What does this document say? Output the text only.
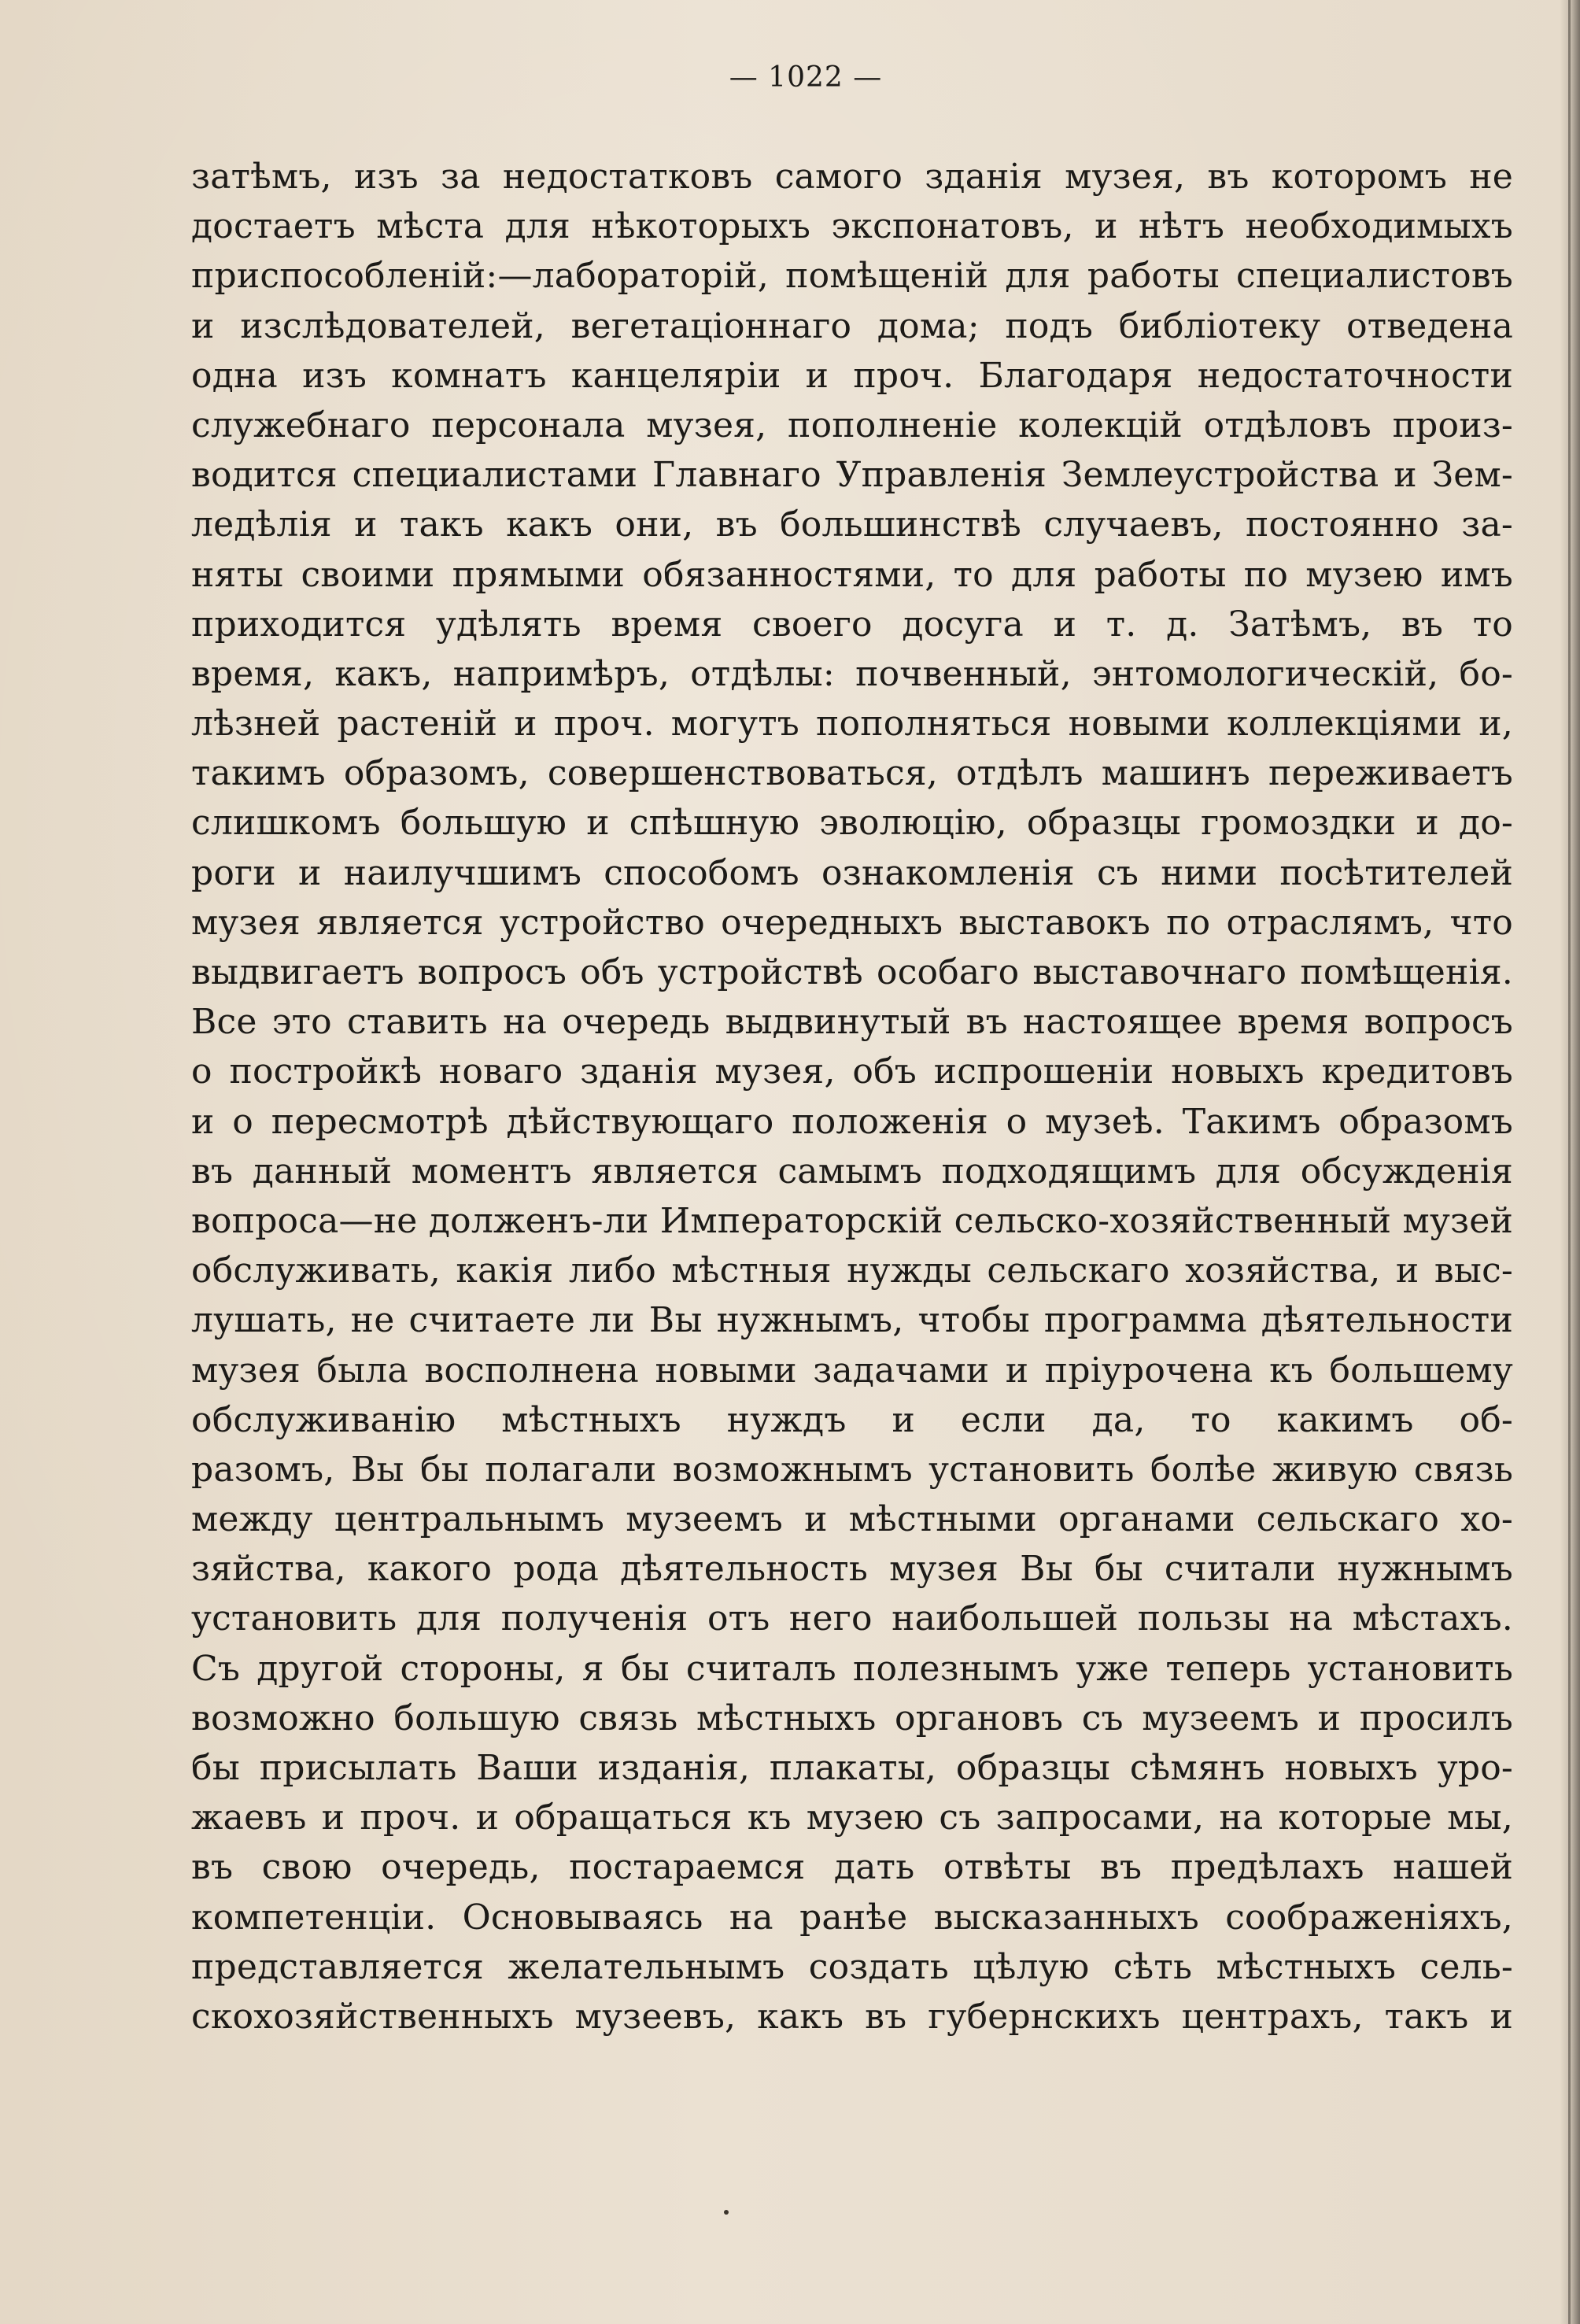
— 1022 —
затѣмъ, изъ за недостатковъ самого зданія музея, въ которомъ не
достаетъ мѣста для нѣкоторыхъ экспонатовъ, и нѣтъ необходимыхъ
приспособленій:—лабораторій, помѣщеній для работы специалистовъ
и изслѣдователей, вегетаціоннаго дома; подъ библіотеку отведена
одна изъ комнатъ канцеляріи и проч. Благодаря недостаточности
служебнаго персонала музея, пополненіе колекцій отдѣловъ произ-
водится специалистами Главнаго Управленія Землеустройства и Зем-
ледѣлія и такъ какъ они, въ большинствѣ случаевъ, постоянно за-
няты своими прямыми обязанностями, то для работы по музею имъ
приходится удѣлять время своего досуга и т. д. Затѣмъ, въ то
время, какъ, напримѣръ, отдѣлы: почвенный, энтомологическій, бо-
лѣзней растеній и проч. могутъ пополняться новыми коллекціями и,
такимъ образомъ, совершенствоваться, отдѣлъ машинъ переживаетъ
слишкомъ большую и спѣшную эволюцію, образцы громоздки и до-
роги и наилучшимъ способомъ ознакомленія съ ними посѣтителей
музея является устройство очередныхъ выставокъ по отраслямъ, что
выдвигаетъ вопросъ объ устройствѣ особаго выставочнаго помѣщенія.
Все это ставить на очередь выдвинутый въ настоящее время вопросъ
о постройкѣ новаго зданія музея, объ испрошеніи новыхъ кредитовъ
и о пересмотрѣ дѣйствующаго положенія о музеѣ. Такимъ образомъ
въ данный моментъ является самымъ подходящимъ для обсужденія
вопроса—не долженъ-ли Императорскій сельско-хозяйственный музей
обслуживать, какія либо мѣстныя нужды сельскаго хозяйства, и выс-
лушать, не считаете ли Вы нужнымъ, чтобы программа дѣятельности
музея была восполнена новыми задачами и пріурочена къ большему
обслуживанію мѣстныхъ нуждъ и если да, то какимъ об-
разомъ, Вы бы полагали возможнымъ установить болѣе живую связь
между центральнымъ музеемъ и мѣстными органами сельскаго хо-
зяйства, какого рода дѣятельность музея Вы бы считали нужнымъ
установить для полученія отъ него наибольшей пользы на мѣстахъ.
Съ другой стороны, я бы считалъ полезнымъ уже теперь установить
возможно большую связь мѣстныхъ органовъ съ музеемъ и просилъ
бы присылать Ваши изданія, плакаты, образцы сѣмянъ новыхъ уро-
жаевъ и проч. и обращаться къ музею съ запросами, на которые мы,
въ свою очередь, постараемся дать отвѣты въ предѣлахъ нашей
компетенціи. Основываясь на ранѣе высказанныхъ соображеніяхъ,
представляется желательнымъ создать цѣлую сѣть мѣстныхъ сель-
скохозяйственныхъ музеевъ, какъ въ губернскихъ центрахъ, такъ и
